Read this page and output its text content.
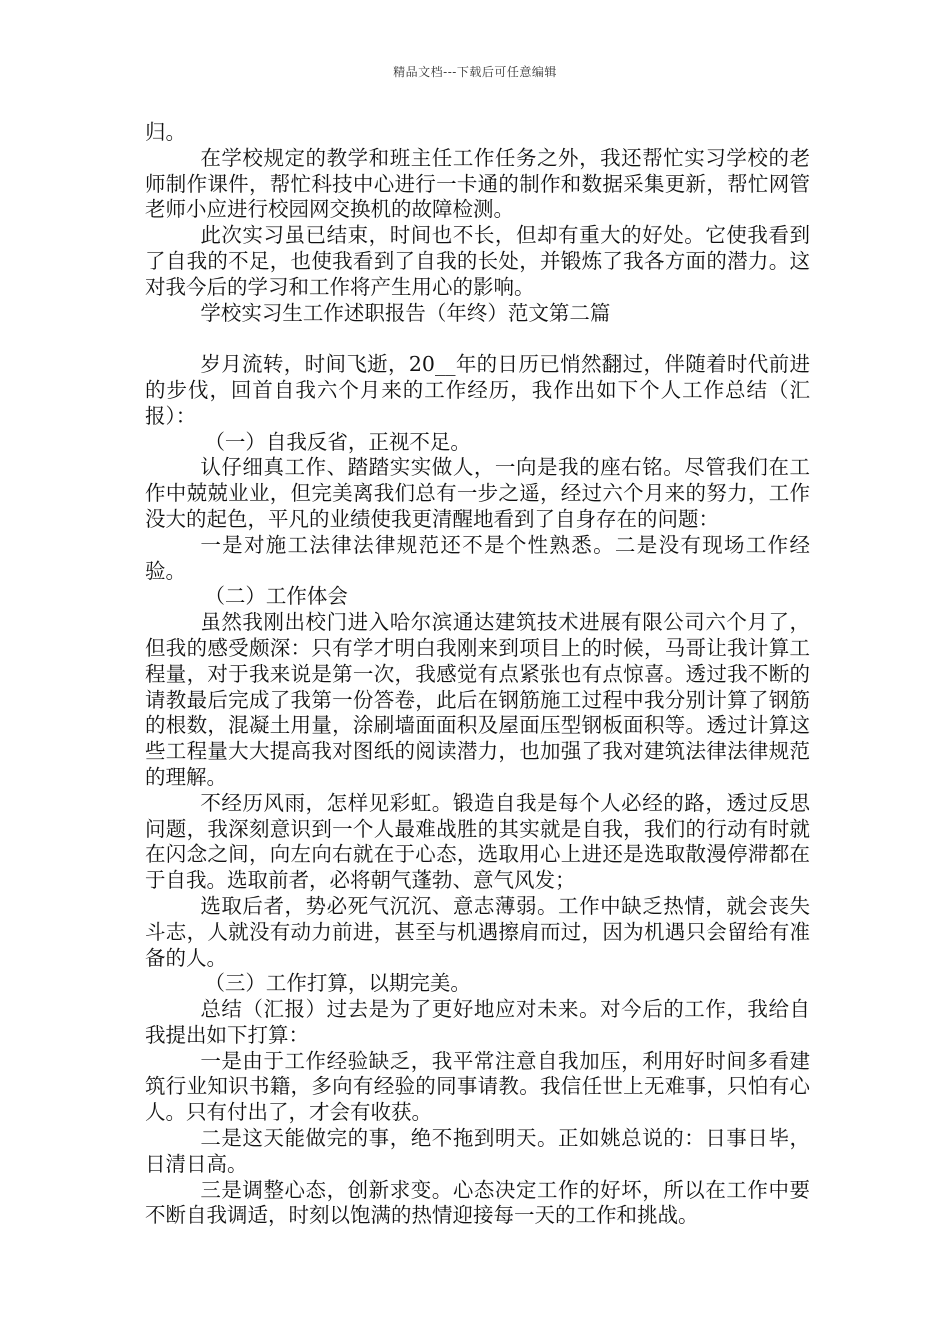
精品文档---下载后可任意编辑

归。

在学校规定的教学和班主任工作任务之外，我还帮忙实习学校的老师制作课件，帮忙科技中心进行一卡通的制作和数据采集更新，帮忙网管老师小应进行校园网交换机的故障检测。

此次实习虽已结束，时间也不长，但却有重大的好处。它使我看到了自我的不足，也使我看到了自我的长处，并锻炼了我各方面的潜力。这对我今后的学习和工作将产生用心的影响。

学校实习生工作述职报告（年终）范文第二篇

岁月流转，时间飞逝，20__年的日历已悄然翻过，伴随着时代前进的步伐，回首自我六个月来的工作经历，我作出如下个人工作总结（汇报）：

（一）自我反省，正视不足。

认仔细真工作、踏踏实实做人，一向是我的座右铭。尽管我们在工作中兢兢业业，但完美离我们总有一步之遥，经过六个月来的努力，工作没大的起色，平凡的业绩使我更清醒地看到了自身存在的问题：

一是对施工法律法律规范还不是个性熟悉。二是没有现场工作经验。

（二）工作体会

虽然我刚出校门进入哈尔滨通达建筑技术进展有限公司六个月了，但我的感受颇深：只有学才明白我刚来到项目上的时候，马哥让我计算工程量，对于我来说是第一次，我感觉有点紧张也有点惊喜。透过我不断的请教最后完成了我第一份答卷，此后在钢筋施工过程中我分别计算了钢筋的根数，混凝土用量，涂刷墙面面积及屋面压型钢板面积等。透过计算这些工程量大大提高我对图纸的阅读潜力，也加强了我对建筑法律法律规范的理解。

不经历风雨，怎样见彩虹。锻造自我是每个人必经的路，透过反思问题，我深刻意识到一个人最难战胜的其实就是自我，我们的行动有时就在闪念之间，向左向右就在于心态，选取用心上进还是选取散漫停滞都在于自我。选取前者，必将朝气蓬勃、意气风发；

选取后者，势必死气沉沉、意志薄弱。工作中缺乏热情，就会丧失斗志，人就没有动力前进，甚至与机遇擦肩而过，因为机遇只会留给有准备的人。

（三）工作打算，以期完美。

总结（汇报）过去是为了更好地应对未来。对今后的工作，我给自我提出如下打算：

一是由于工作经验缺乏，我平常注意自我加压，利用好时间多看建筑行业知识书籍，多向有经验的同事请教。我信任世上无难事，只怕有心人。只有付出了，才会有收获。

二是这天能做完的事，绝不拖到明天。正如姚总说的：日事日毕，日清日高。

三是调整心态，创新求变。心态决定工作的好坏，所以在工作中要不断自我调适，时刻以饱满的热情迎接每一天的工作和挑战。
